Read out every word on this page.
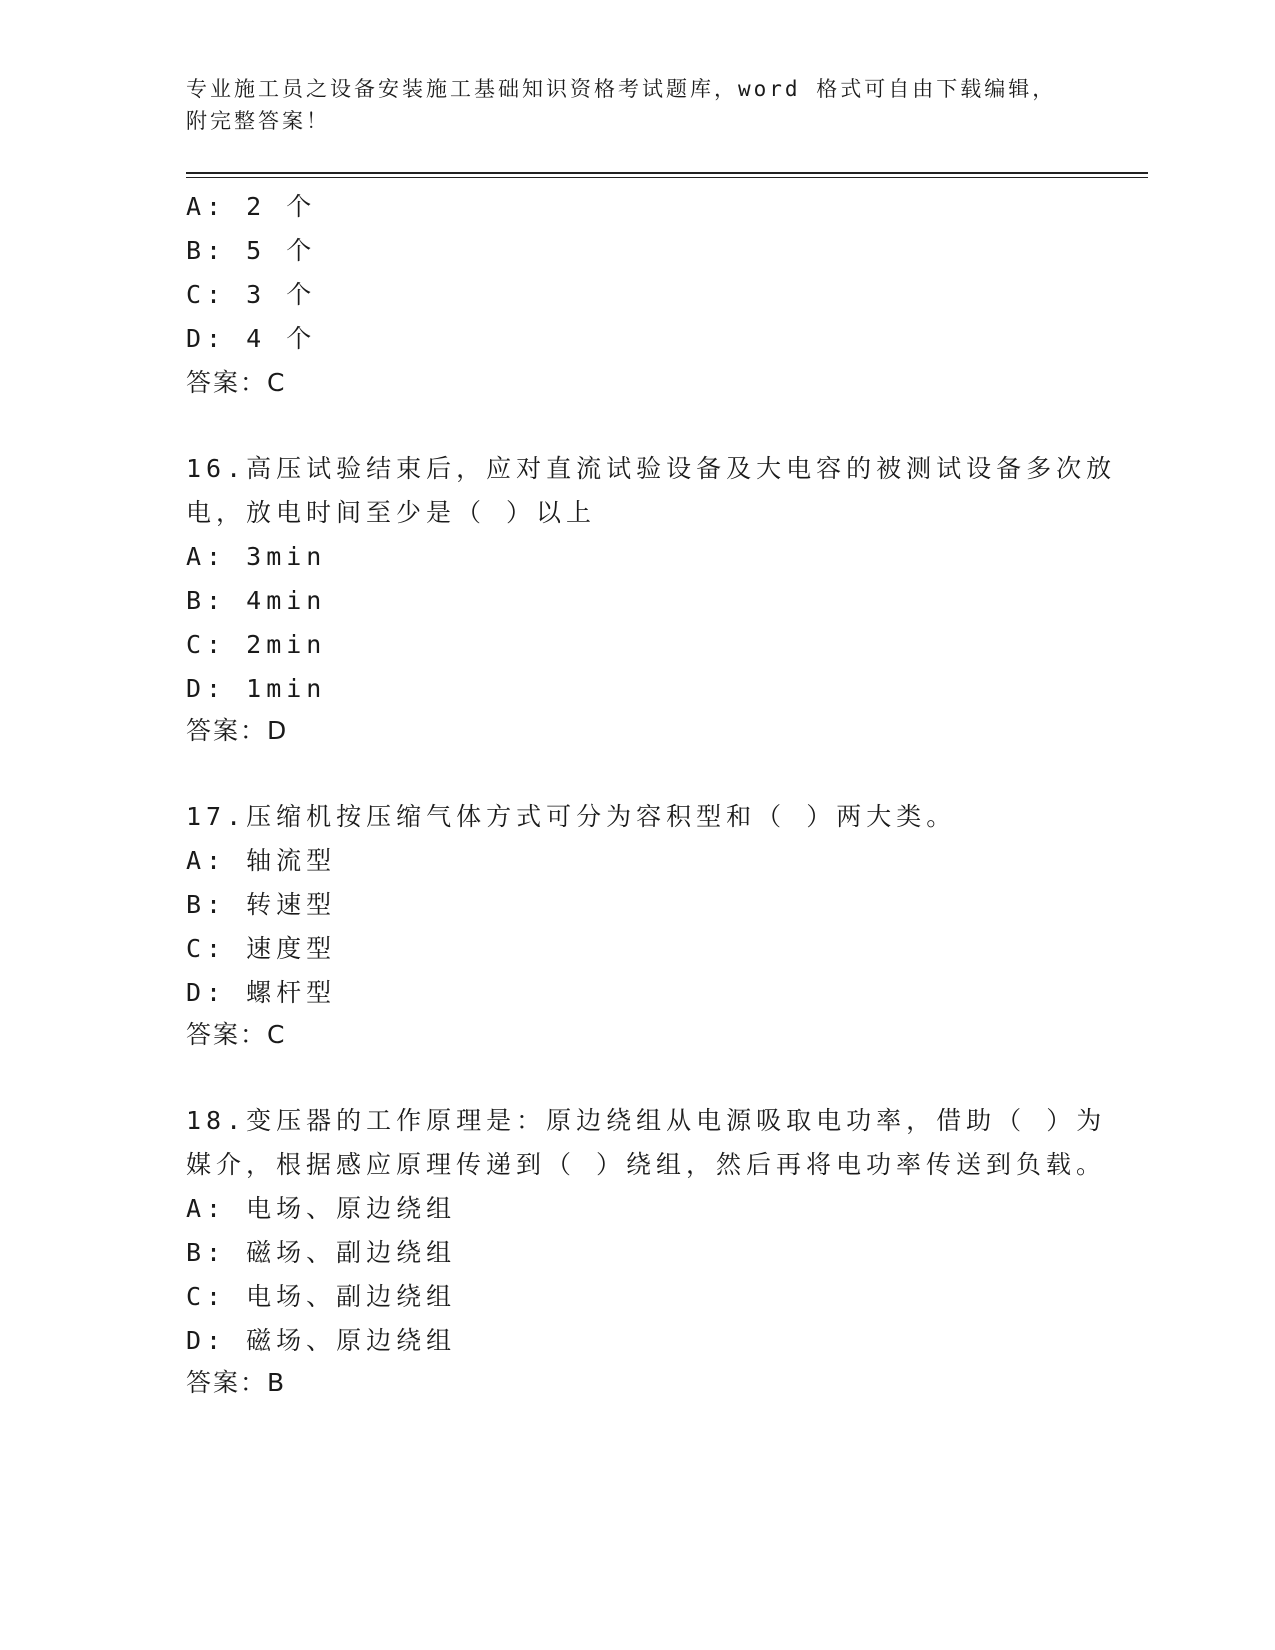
专业施工员之设备安装施工基础知识资格考试题库，word 格式可自由下载编辑，
附完整答案！
A: 2 个
B: 5 个
C: 3 个
D: 4 个
答案：C
16.高压试验结束后，应对直流试验设备及大电容的被测试设备多次放
电，放电时间至少是（ ）以上
A: 3min
B: 4min
C: 2min
D: 1min
答案：D
17.压缩机按压缩气体方式可分为容积型和（ ）两大类。
A: 轴流型
B: 转速型
C: 速度型
D: 螺杆型
答案：C
18.变压器的工作原理是：原边绕组从电源吸取电功率，借助（ ）为
媒介，根据感应原理传递到（ ）绕组，然后再将电功率传送到负载。
A: 电场、原边绕组
B: 磁场、副边绕组
C: 电场、副边绕组
D: 磁场、原边绕组
答案：B
